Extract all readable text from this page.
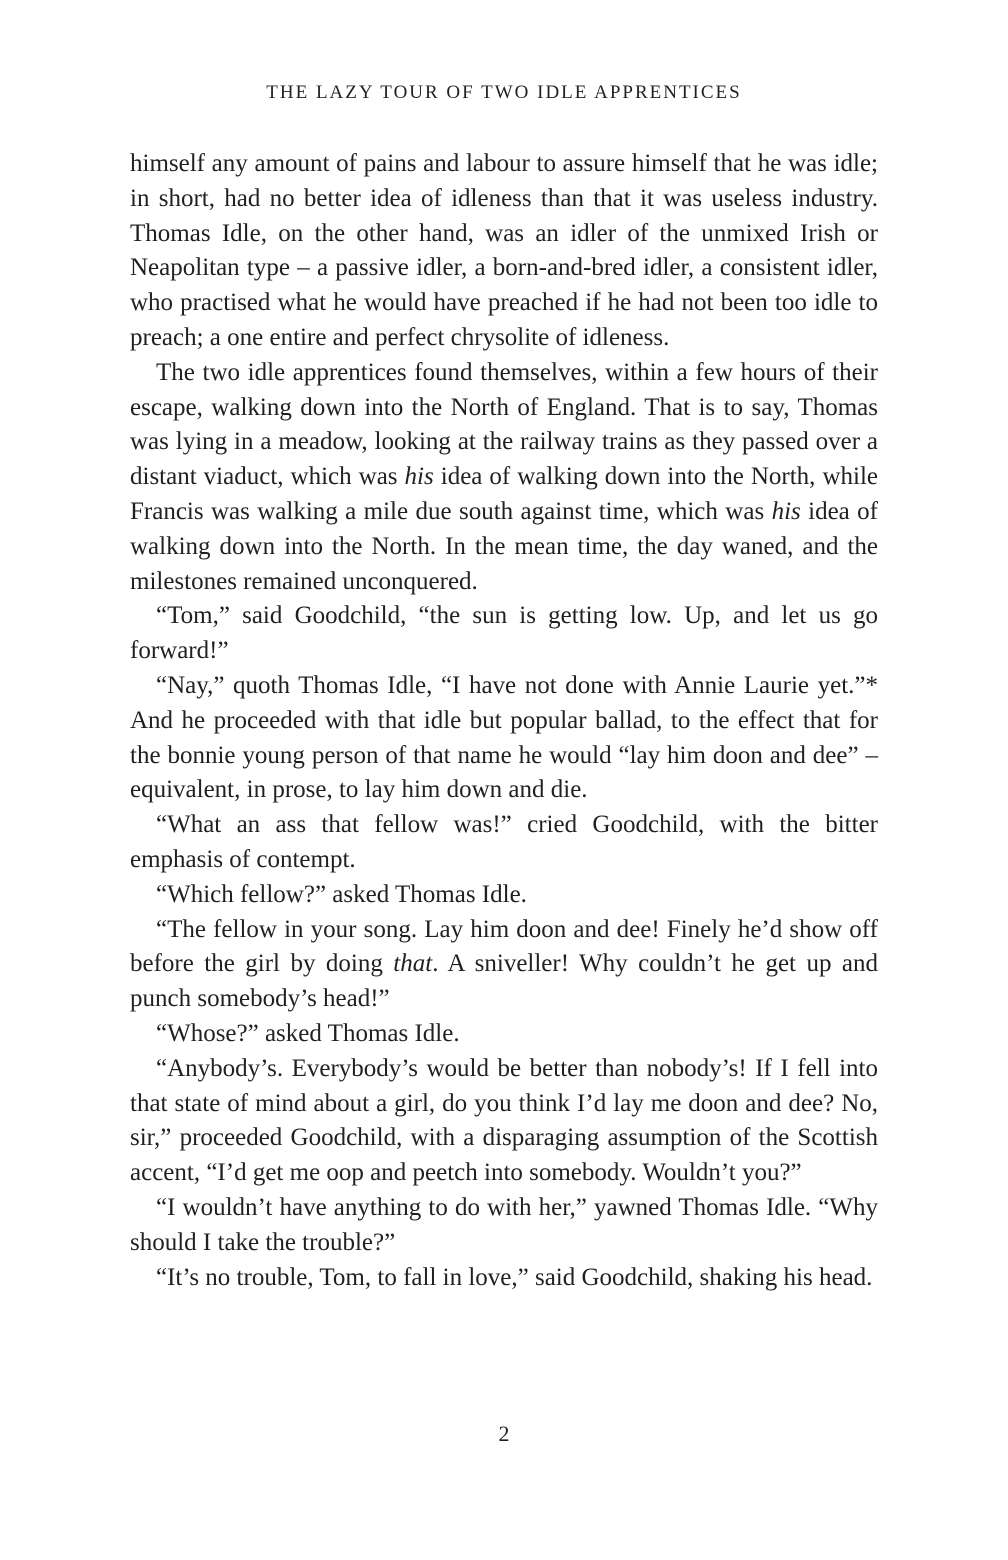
THE LAZY TOUR OF TWO IDLE APPRENTICES

himself any amount of pains and labour to assure himself that he was idle; in short, had no better idea of idleness than that it was useless industry. Thomas Idle, on the other hand, was an idler of the unmixed Irish or Neapolitan type – a passive idler, a born-and-bred idler, a consistent idler, who practised what he would have preached if he had not been too idle to preach; a one entire and perfect chrysolite of idleness.

The two idle apprentices found themselves, within a few hours of their escape, walking down into the North of England. That is to say, Thomas was lying in a meadow, looking at the railway trains as they passed over a distant viaduct, which was his idea of walking down into the North, while Francis was walking a mile due south against time, which was his idea of walking down into the North. In the mean time, the day waned, and the milestones remained unconquered.

“Tom,” said Goodchild, “the sun is getting low. Up, and let us go forward!”

“Nay,” quoth Thomas Idle, “I have not done with Annie Laurie yet.”* And he proceeded with that idle but popular ballad, to the effect that for the bonnie young person of that name he would “lay him doon and dee” – equivalent, in prose, to lay him down and die.

“What an ass that fellow was!” cried Goodchild, with the bitter emphasis of contempt.

“Which fellow?” asked Thomas Idle.

“The fellow in your song. Lay him doon and dee! Finely he’d show off before the girl by doing that. A sniveller! Why couldn’t he get up and punch somebody’s head!”

“Whose?” asked Thomas Idle.

“Anybody’s. Everybody’s would be better than nobody’s! If I fell into that state of mind about a girl, do you think I’d lay me doon and dee? No, sir,” proceeded Goodchild, with a disparaging assumption of the Scottish accent, “I’d get me oop and peetch into somebody. Wouldn’t you?”

“I wouldn’t have anything to do with her,” yawned Thomas Idle. “Why should I take the trouble?”

“It’s no trouble, Tom, to fall in love,” said Goodchild, shaking his head.

2
